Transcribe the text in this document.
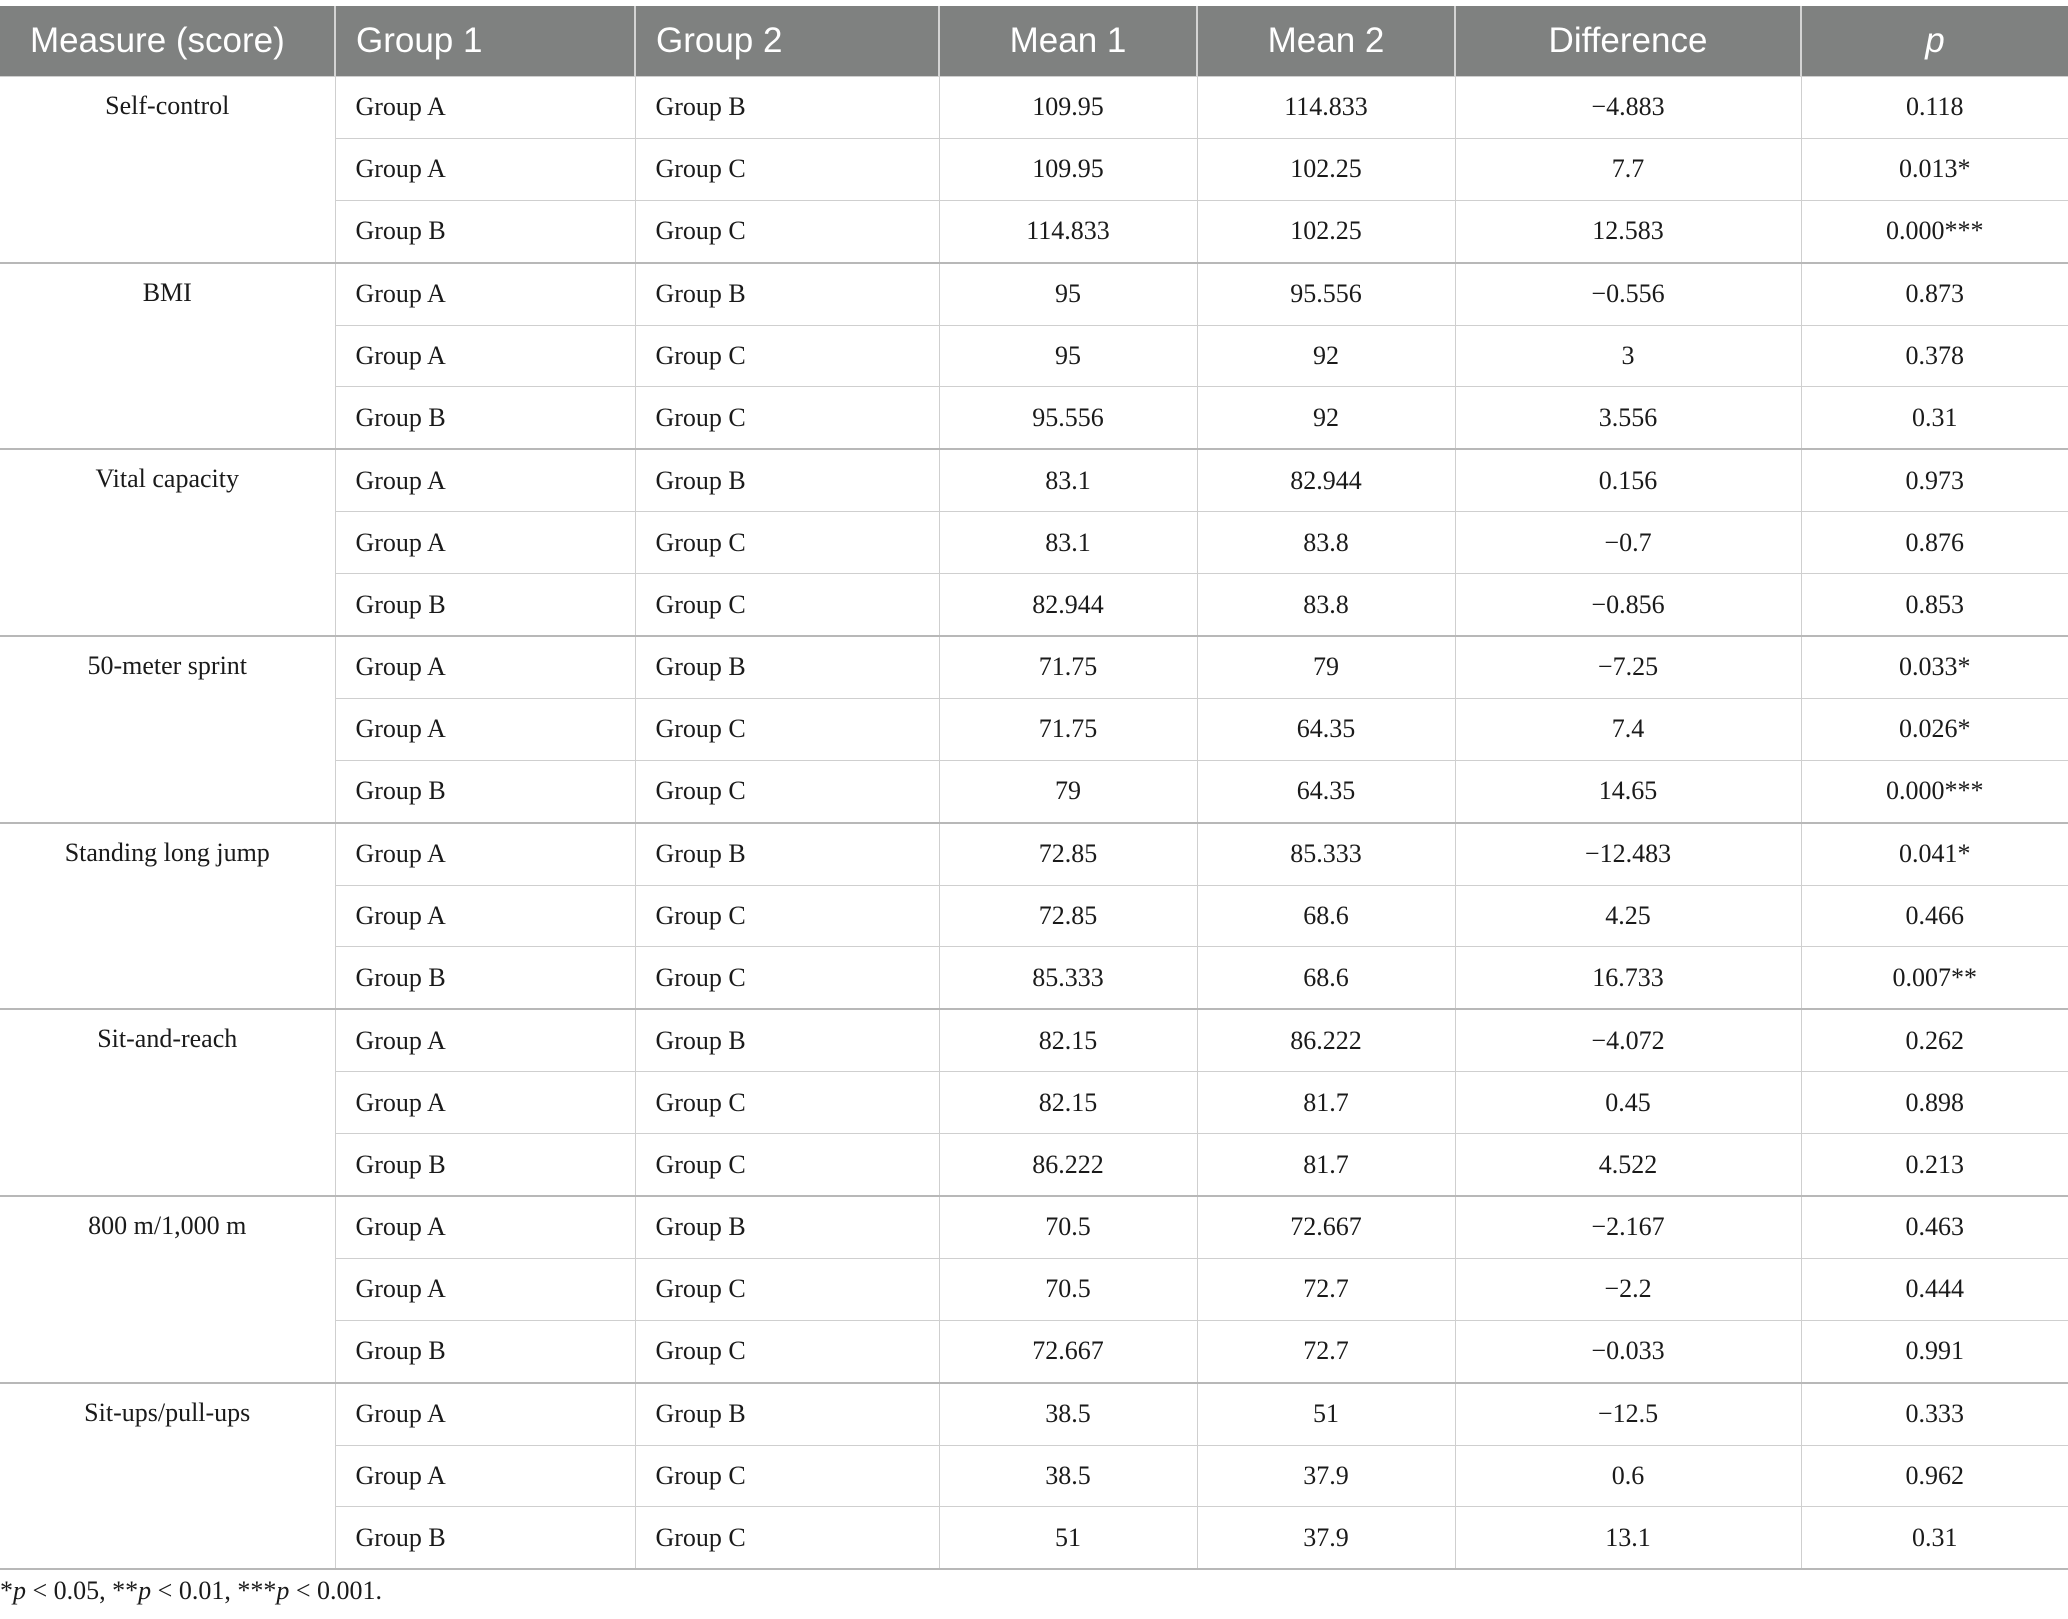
Measure (score)	Group 1	Group 2	Mean 1	Mean 2	Difference	p
Self-control	Group A	Group B	109.95	114.833	−4.883	0.118
	Group A	Group C	109.95	102.25	7.7	0.013*
	Group B	Group C	114.833	102.25	12.583	0.000***
BMI	Group A	Group B	95	95.556	−0.556	0.873
	Group A	Group C	95	92	3	0.378
	Group B	Group C	95.556	92	3.556	0.31
Vital capacity	Group A	Group B	83.1	82.944	0.156	0.973
	Group A	Group C	83.1	83.8	−0.7	0.876
	Group B	Group C	82.944	83.8	−0.856	0.853
50-meter sprint	Group A	Group B	71.75	79	−7.25	0.033*
	Group A	Group C	71.75	64.35	7.4	0.026*
	Group B	Group C	79	64.35	14.65	0.000***
Standing long jump	Group A	Group B	72.85	85.333	−12.483	0.041*
	Group A	Group C	72.85	68.6	4.25	0.466
	Group B	Group C	85.333	68.6	16.733	0.007**
Sit-and-reach	Group A	Group B	82.15	86.222	−4.072	0.262
	Group A	Group C	82.15	81.7	0.45	0.898
	Group B	Group C	86.222	81.7	4.522	0.213
800 m/1,000 m	Group A	Group B	70.5	72.667	−2.167	0.463
	Group A	Group C	70.5	72.7	−2.2	0.444
	Group B	Group C	72.667	72.7	−0.033	0.991
Sit-ups/pull-ups	Group A	Group B	38.5	51	−12.5	0.333
	Group A	Group C	38.5	37.9	0.6	0.962
	Group B	Group C	51	37.9	13.1	0.31
*p < 0.05, **p < 0.01, ***p < 0.001.
